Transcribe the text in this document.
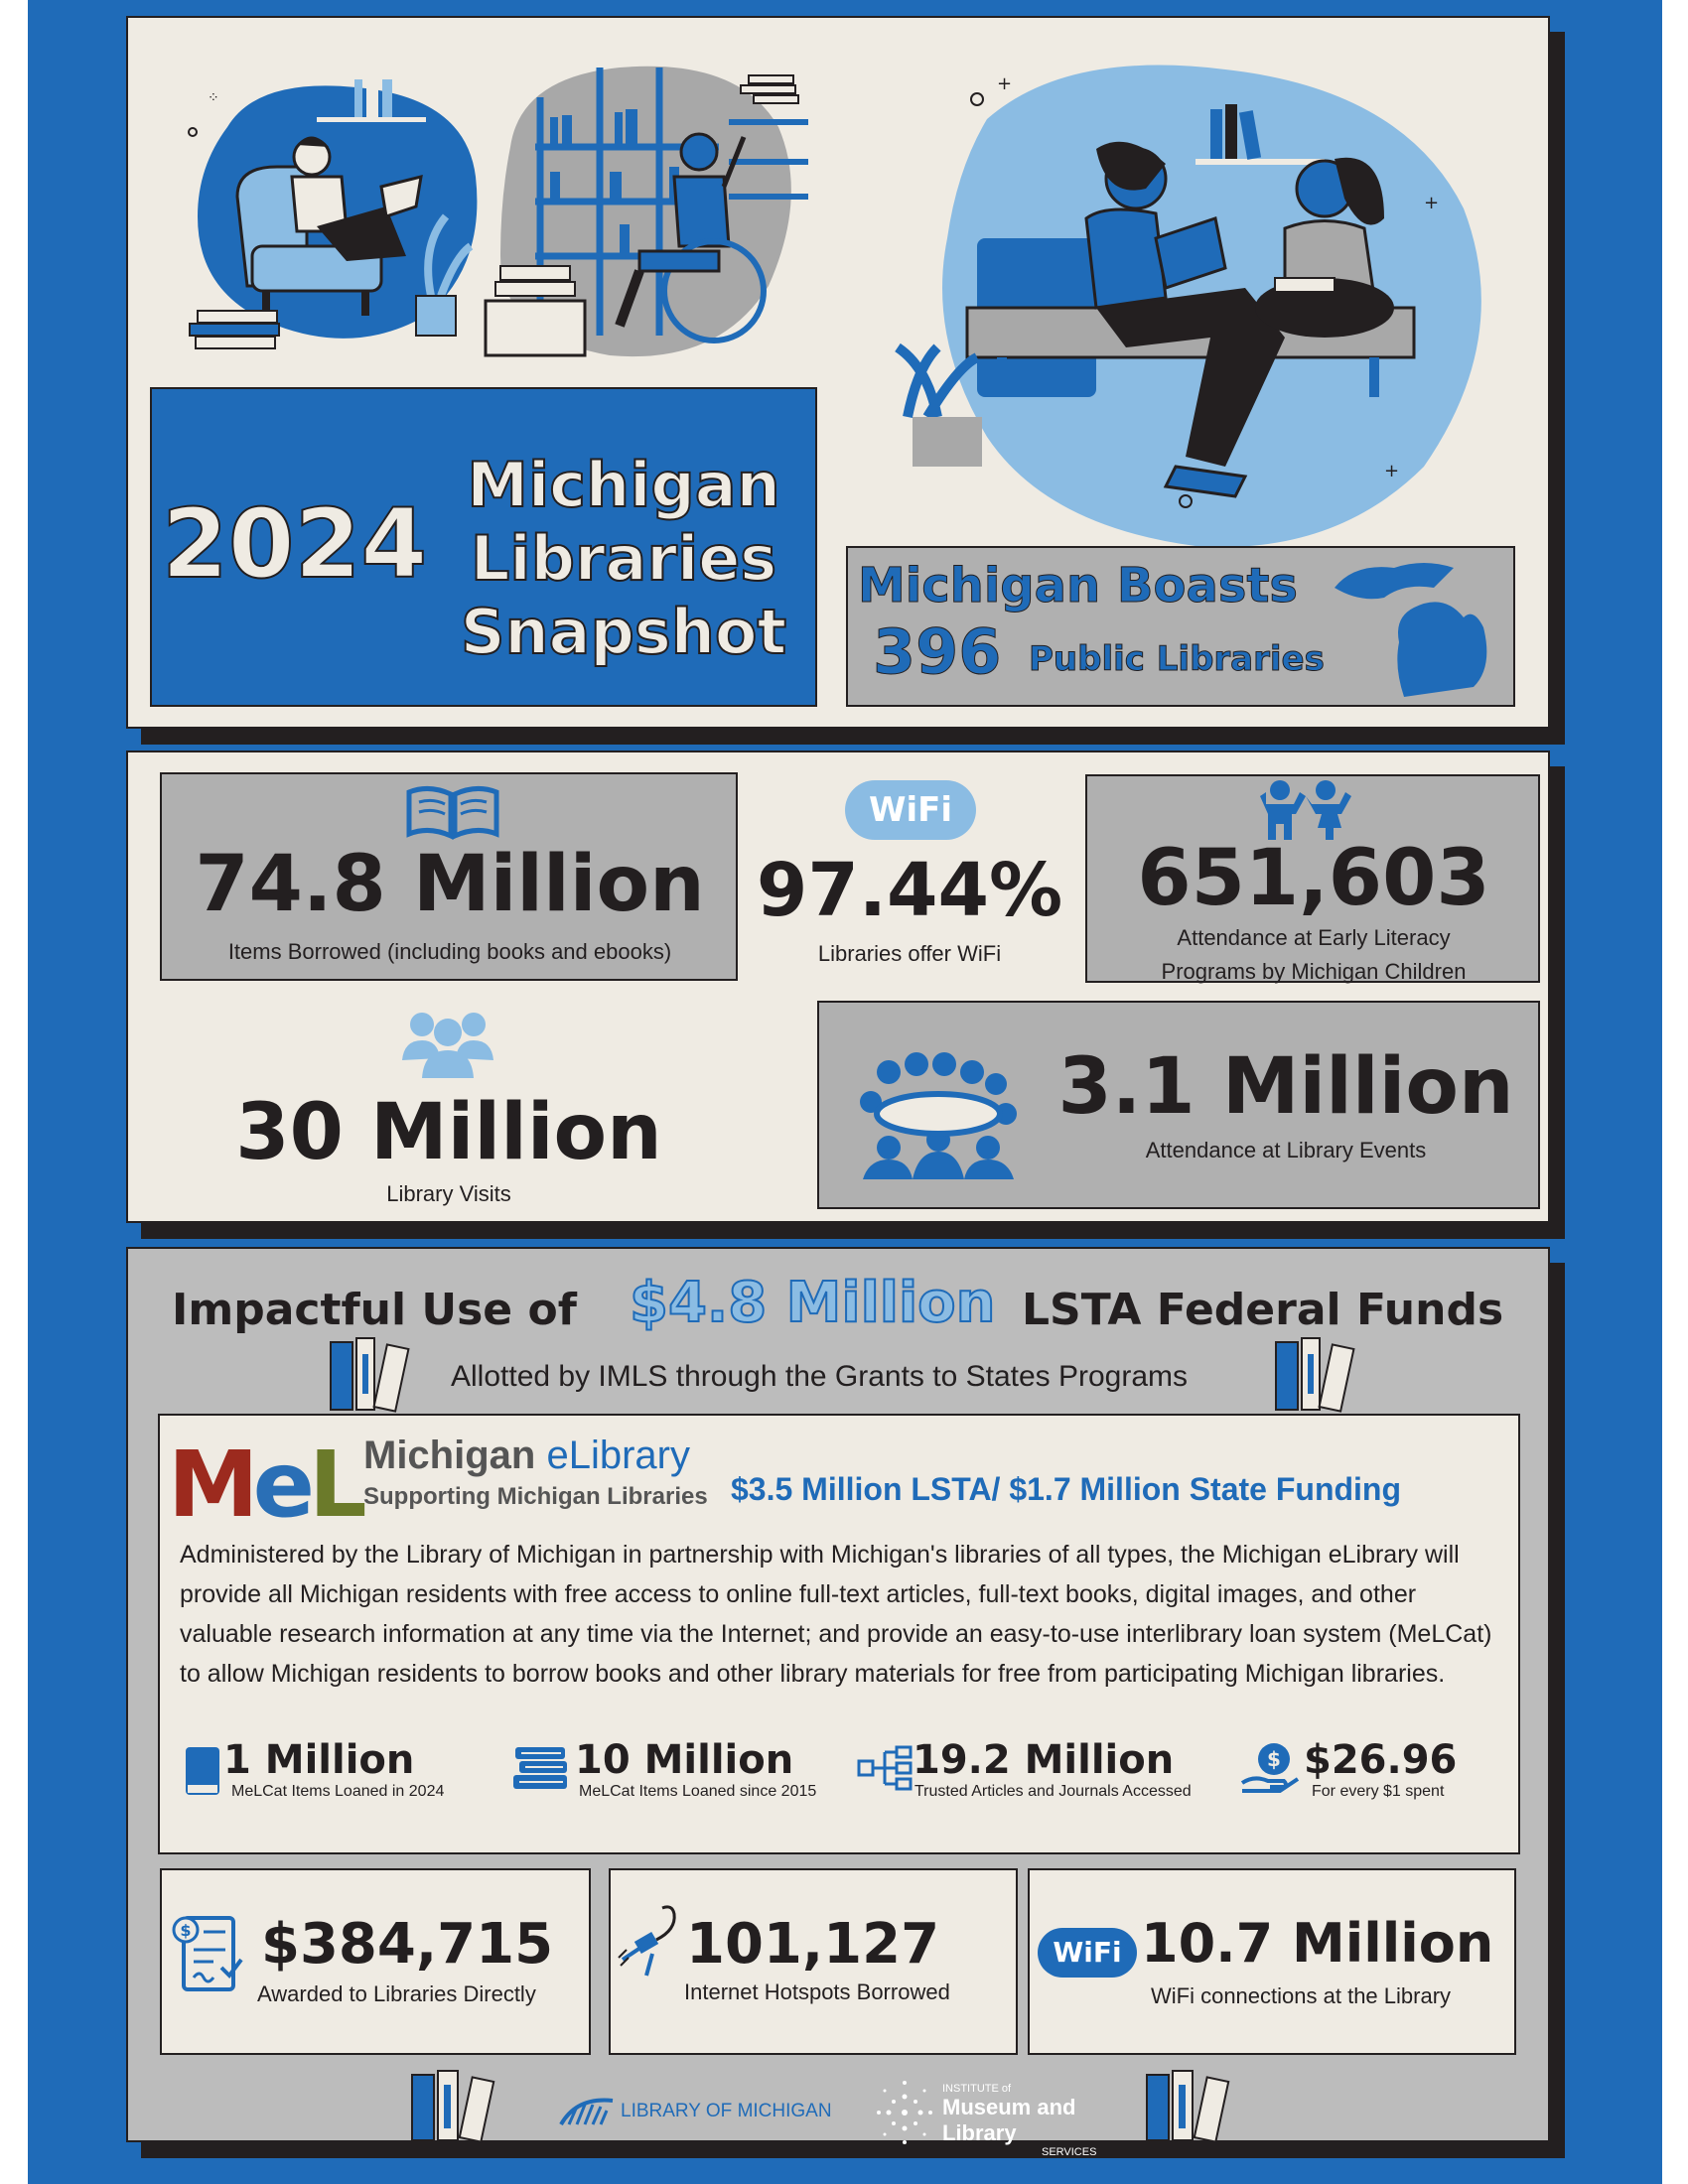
⁘
+
+
+
2024
Michigan
Libraries
Snapshot
Michigan Boasts
396 Public Libraries
74.8 Million
Items Borrowed (including books and ebooks)
WiFi
97.44%
Libraries offer WiFi
651,603
Attendance at Early Literacy
Programs by Michigan Children
30 Million
Library Visits
3.1 Million
Attendance at Library Events
Impactful Use of $4.8 Million LSTA Federal Funds
Allotted by IMLS through the Grants to States Programs
MeL Michigan eLibrary
Supporting Michigan Libraries $3.5 Million LSTA/ $1.7 Million State Funding
Administered by the Library of Michigan in partnership with Michigan's libraries of all types, the Michigan eLibrary will provide all Michigan residents with free access to online full-text articles, full-text books, digital images, and other valuable research information at any time via the Internet; and provide an easy-to-use interlibrary loan system (MeLCat) to allow Michigan residents to borrow books and other library materials for free from participating Michigan libraries.
1 Million
MeLCat Items Loaned in 2024
10 Million
MeLCat Items Loaned since 2015
19.2 Million
Trusted Articles and Journals Accessed
$ $26.96
For every $1 spent
$ $384,715
Awarded to Libraries Directly
101,127
Internet Hotspots Borrowed
WiFi 10.7 Million
WiFi connections at the Library
LIBRARY OF MICHIGAN
INSTITUTE of
Museum and Library
SERVICES
